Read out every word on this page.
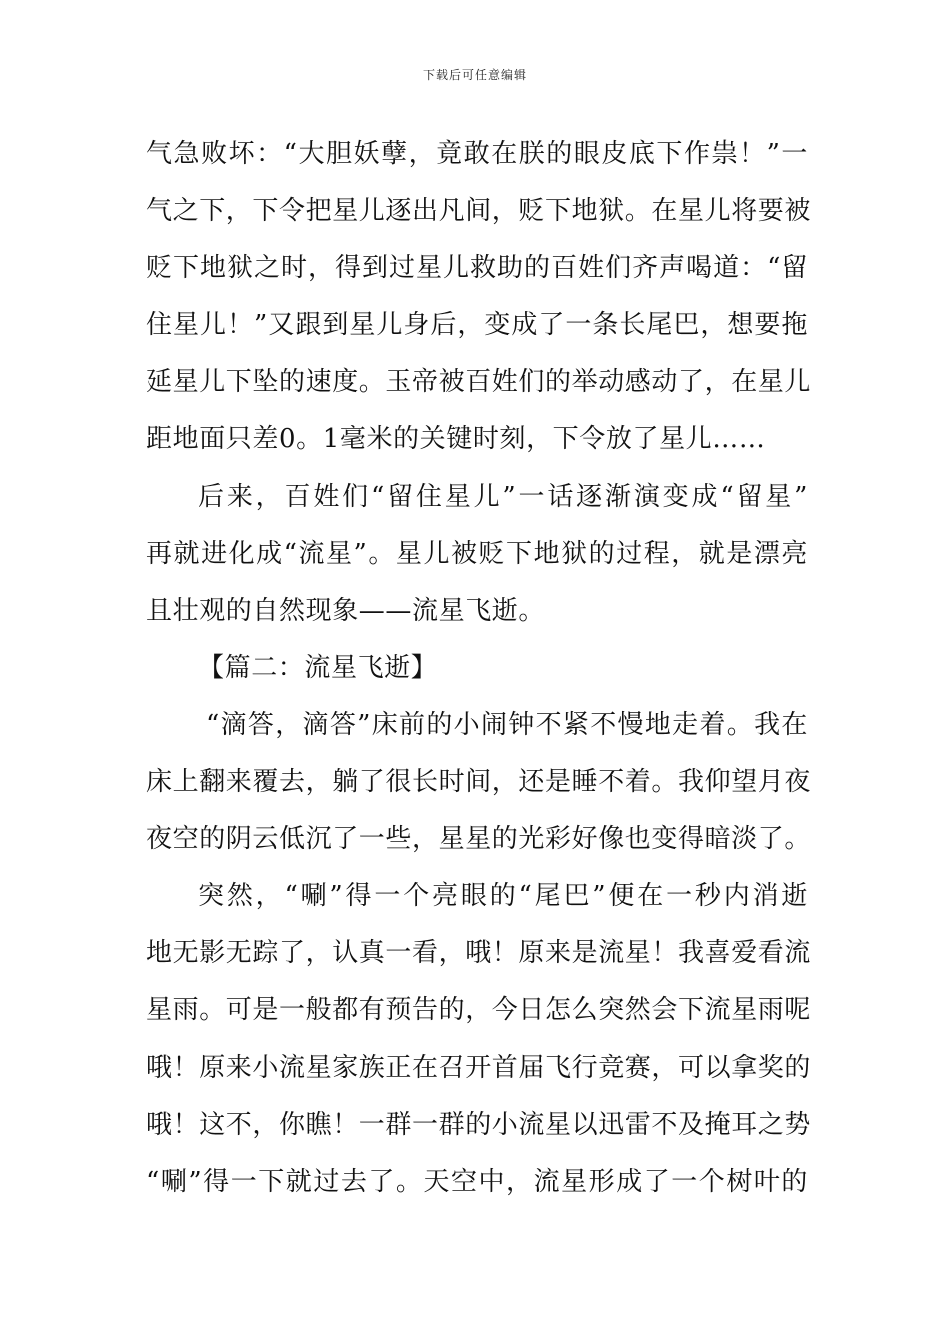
下载后可任意编辑
气急败坏：“大胆妖孽，竟敢在朕的眼皮底下作祟！”一
气之下，下令把星儿逐出凡间，贬下地狱。在星儿将要被
贬下地狱之时，得到过星儿救助的百姓们齐声喝道：“留
住星儿！”又跟到星儿身后，变成了一条长尾巴，想要拖
延星儿下坠的速度。玉帝被百姓们的举动感动了，在星儿
距地面只差0。1毫米的关键时刻，下令放了星儿……
后来，百姓们“留住星儿”一话逐渐演变成“留星”
再就进化成“流星”。星儿被贬下地狱的过程，就是漂亮
且壮观的自然现象——流星飞逝。
【篇二：流星飞逝】
“滴答，滴答”床前的小闹钟不紧不慢地走着。我在
床上翻来覆去，躺了很长时间，还是睡不着。我仰望月夜
夜空的阴云低沉了一些，星星的光彩好像也变得暗淡了。
突然，“唰”得一个亮眼的“尾巴”便在一秒内消逝
地无影无踪了，认真一看，哦！原来是流星！我喜爱看流
星雨。可是一般都有预告的，今日怎么突然会下流星雨呢
哦！原来小流星家族正在召开首届飞行竞赛，可以拿奖的
哦！这不，你瞧！一群一群的小流星以迅雷不及掩耳之势
“唰”得一下就过去了。天空中，流星形成了一个树叶的
